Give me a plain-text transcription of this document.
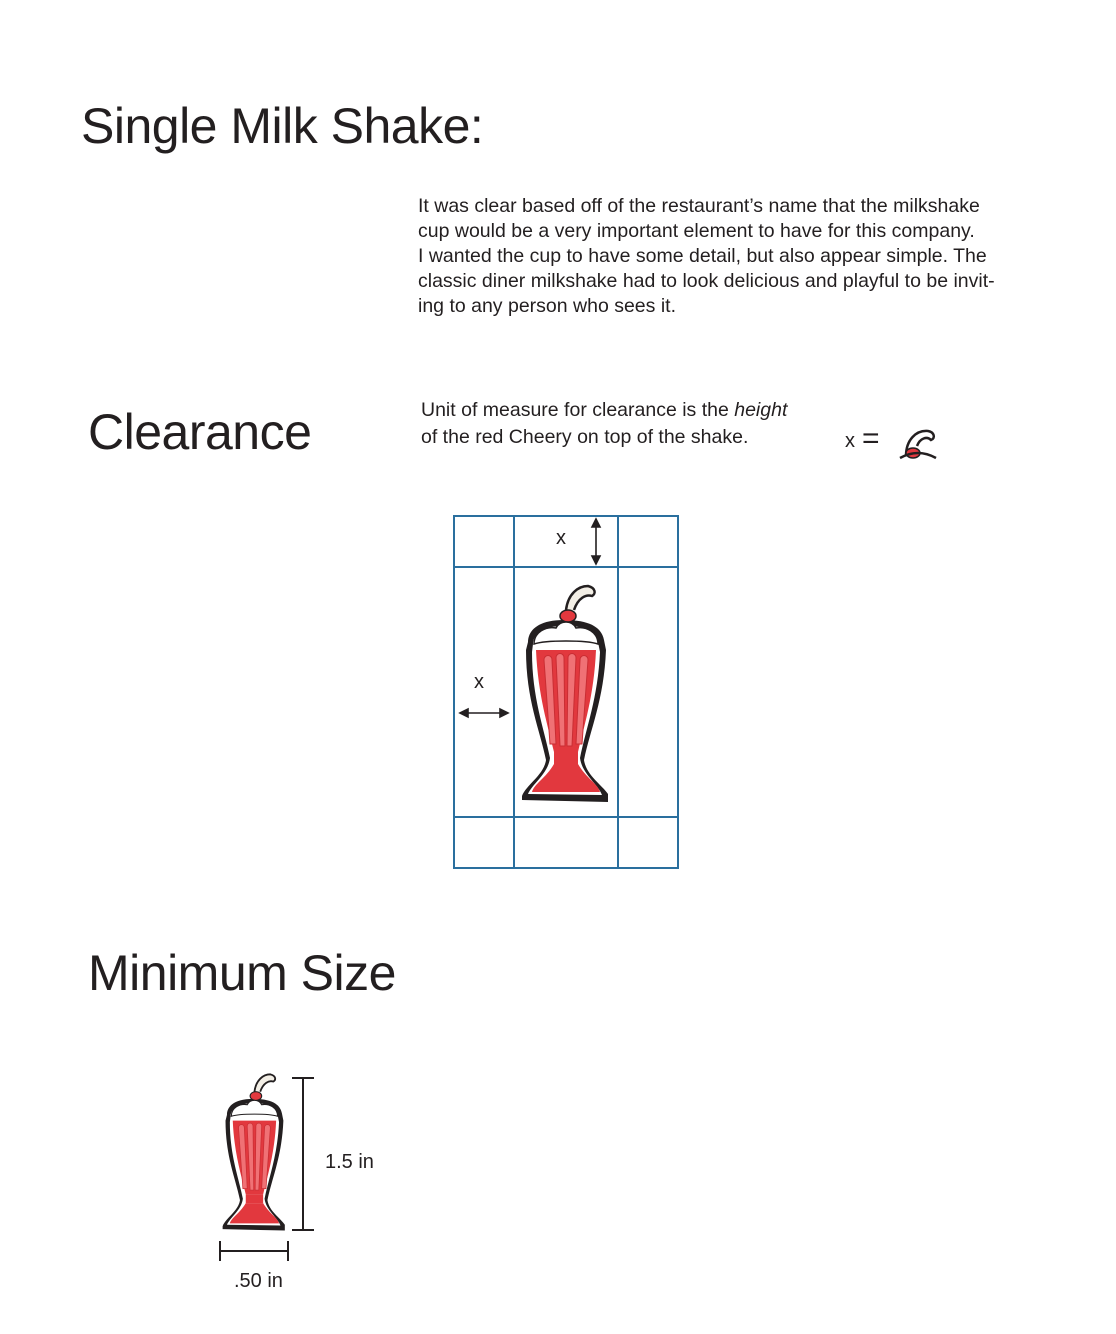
Single Milk Shake:
It was clear based off of the restaurant’s name that the milkshake
cup would be a very important element to have for this company.
I wanted the cup to have some detail, but also appear simple. The
classic diner milkshake had to look delicious and playful to be invit-
ing to any person who sees it.
Clearance	Unit of measure for clearance is the height
of the red Cheery on top of the shake.	x =
x
x
Minimum Size
1.5 in
.50 in
